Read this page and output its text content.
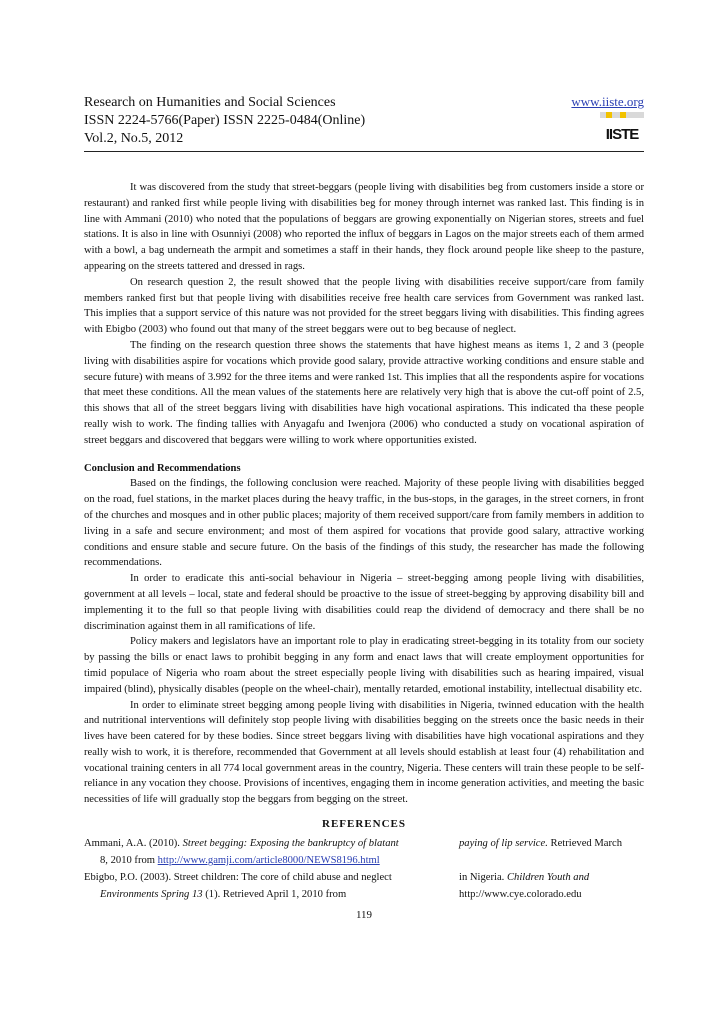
Research on Humanities and Social Sciences
ISSN 2224-5766(Paper) ISSN 2225-0484(Online)
Vol.2, No.5, 2012
www.iiste.org
IISTE

It was discovered from the study that street-beggars (people living with disabilities beg from customers inside a store or restaurant) and ranked first while people living with disabilities beg for money through internet was ranked last. This finding is in line with Ammani (2010) who noted that the populations of beggars are growing exponentially on Nigerian stores, streets and fuel stations. It is also in line with Osunniyi (2008) who reported the influx of beggars in Lagos on the major streets each of them armed with a bowl, a bag underneath the armpit and sometimes a staff in their hands, they flock around people like sheep to the pasture, appearing on the streets tattered and dressed in rags.

On research question 2, the result showed that the people living with disabilities receive support/care from family members ranked first but that people living with disabilities receive free health care services from Government was ranked last. This implies that a support service of this nature was not provided for the street beggars living with disabilities. This finding agrees with Ebigbo (2003) who found out that many of the street beggars were out to beg because of neglect.

The finding on the research question three shows the statements that have highest means as items 1, 2 and 3 (people living with disabilities aspire for vocations which provide good salary, provide attractive working conditions and ensure stable and secure future) with means of 3.992 for the three items and were ranked 1st. This implies that all the respondents aspire for vocations that meet these conditions. All the mean values of the statements here are relatively very high that is above the cut-off point of 2.5, this shows that all of the street beggars living with disabilities have high vocational aspirations. This indicated tha these people really wish to work. The finding tallies with Anyagafu and Iwenjora (2006) who conducted a study on vocational aspiration of street beggars and discovered that beggars were willing to work where opportunities existed.

Conclusion and Recommendations

Based on the findings, the following conclusion were reached. Majority of these people living with disabilities begged on the road, fuel stations, in the market places during the heavy traffic, in the bus-stops, in the garages, in the street corners, in front of the churches and mosques and in other public places; majority of them received support/care from family members in addition to living in a safe and secure environment; and most of them aspired for vocations that provide good salary, attractive working conditions and ensure stable and secure future. On the basis of the findings of this study, the researcher has made the following recommendations.

In order to eradicate this anti-social behaviour in Nigeria – street-begging among people living with disabilities, government at all levels – local, state and federal should be proactive to the issue of street-begging by approving disability bill and implementing it to the full so that people living with disabilities could reap the dividend of democracy and there shall be no discrimination against them in all ramifications of life.

Policy makers and legislators have an important role to play in eradicating street-begging in its totality from our society by passing the bills or enact laws to prohibit begging in any form and enact laws that will create employment opportunities for timid populace of Nigeria who roam about the street especially people living with disabilities such as hearing impaired, visual impaired (blind), physically disables (people on the wheel-chair), mentally retarded, emotional instability, intellectual disability etc.

In order to eliminate street begging among people living with disabilities in Nigeria, twinned education with the health and nutritional interventions will definitely stop people living with disabilities begging on the streets once the basic needs in their lives have been catered for by these bodies. Since street beggars living with disabilities have high vocational aspirations and they really wish to work, it is therefore, recommended that Government at all levels should establish at least four (4) rehabilitation and vocational training centers in all 774 local government areas in the country, Nigeria. These centers will train these people to be self-reliance in any vocation they choose. Provisions of incentives, engaging them in income generation activities, and meeting the basic necessities of life will gradually stop the beggars from begging on the street.

REFERENCES
Ammani, A.A. (2010). Street begging: Exposing the bankruptcy of blatant
8, 2010 from http://www.gamji.com/article8000/NEWS8196.html
Ebigbo, P.O. (2003). Street children: The core of child abuse and neglect
Environments Spring 13 (1). Retrieved April 1, 2010 from
paying of lip service. Retrieved March
in Nigeria. Children Youth and
http://www.cye.colorado.edu
119
